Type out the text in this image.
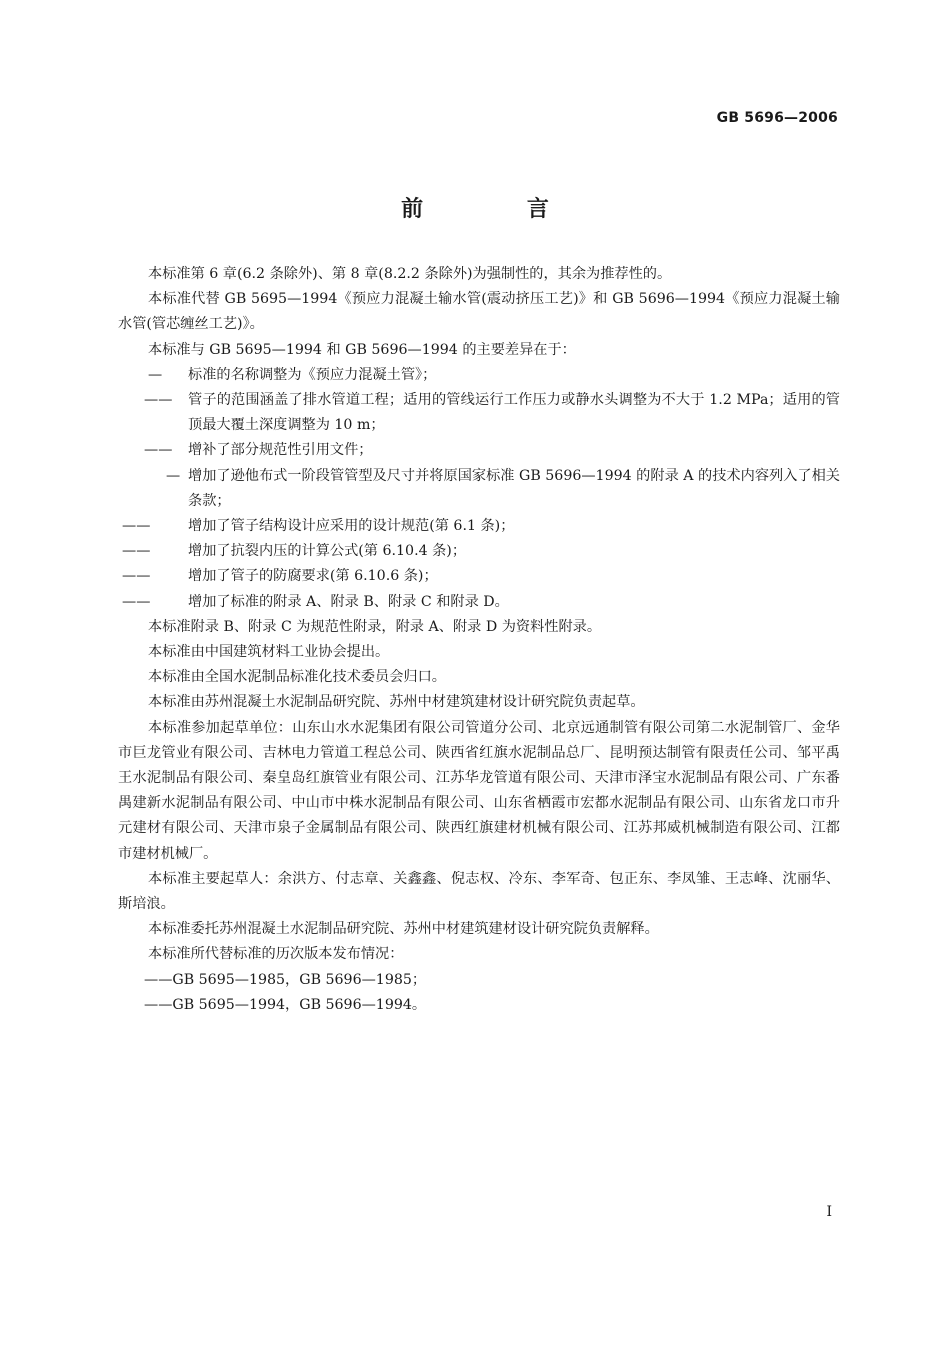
GB 5696—2006
前 言

本标准第 6 章(6.2 条除外)、第 8 章(8.2.2 条除外)为强制性的，其余为推荐性的。

本标准代替 GB 5695—1994《预应力混凝土输水管(震动挤压工艺)》和 GB 5696—1994《预应力混凝土输水管(管芯缠丝工艺)》。

本标准与 GB 5695—1994 和 GB 5696—1994 的主要差异在于：

—	标准的名称调整为《预应力混凝土管》；
——	管子的范围涵盖了排水管道工程；适用的管线运行工作压力或静水头调整为不大于 1.2 MPa；适用的管顶最大覆土深度调整为 10 m；
——	增补了部分规范性引用文件；
— 增加了逊他布式一阶段管管型及尺寸并将原国家标准 GB 5696—1994 的附录 A 的技术内容列入了相关条款；
——	增加了管子结构设计应采用的设计规范(第 6.1 条)；
——	增加了抗裂内压的计算公式(第 6.10.4 条)；
——	增加了管子的防腐要求(第 6.10.6 条)；
——	增加了标准的附录 A、附录 B、附录 C 和附录 D。

本标准附录 B、附录 C 为规范性附录，附录 A、附录 D 为资料性附录。

本标准由中国建筑材料工业协会提出。

本标准由全国水泥制品标准化技术委员会归口。

本标准由苏州混凝土水泥制品研究院、苏州中材建筑建材设计研究院负责起草。

本标准参加起草单位：山东山水水泥集团有限公司管道分公司、北京远通制管有限公司第二水泥制管厂、金华市巨龙管业有限公司、吉林电力管道工程总公司、陕西省红旗水泥制品总厂、昆明预达制管有限责任公司、邹平禹王水泥制品有限公司、秦皇岛红旗管业有限公司、江苏华龙管道有限公司、天津市泽宝水泥制品有限公司、广东番禺建新水泥制品有限公司、中山市中株水泥制品有限公司、山东省栖霞市宏都水泥制品有限公司、山东省龙口市升元建材有限公司、天津市泉子金属制品有限公司、陕西红旗建材机械有限公司、江苏邦威机械制造有限公司、江都市建材机械厂。

本标准主要起草人：余洪方、付志章、关鑫鑫、倪志权、冷东、李军奇、包正东、李凤雏、王志峰、沈丽华、斯培浪。

本标准委托苏州混凝土水泥制品研究院、苏州中材建筑建材设计研究院负责解释。

本标准所代替标准的历次版本发布情况：

——GB 5695—1985，GB 5696—1985；

——GB 5695—1994，GB 5696—1994。

I
